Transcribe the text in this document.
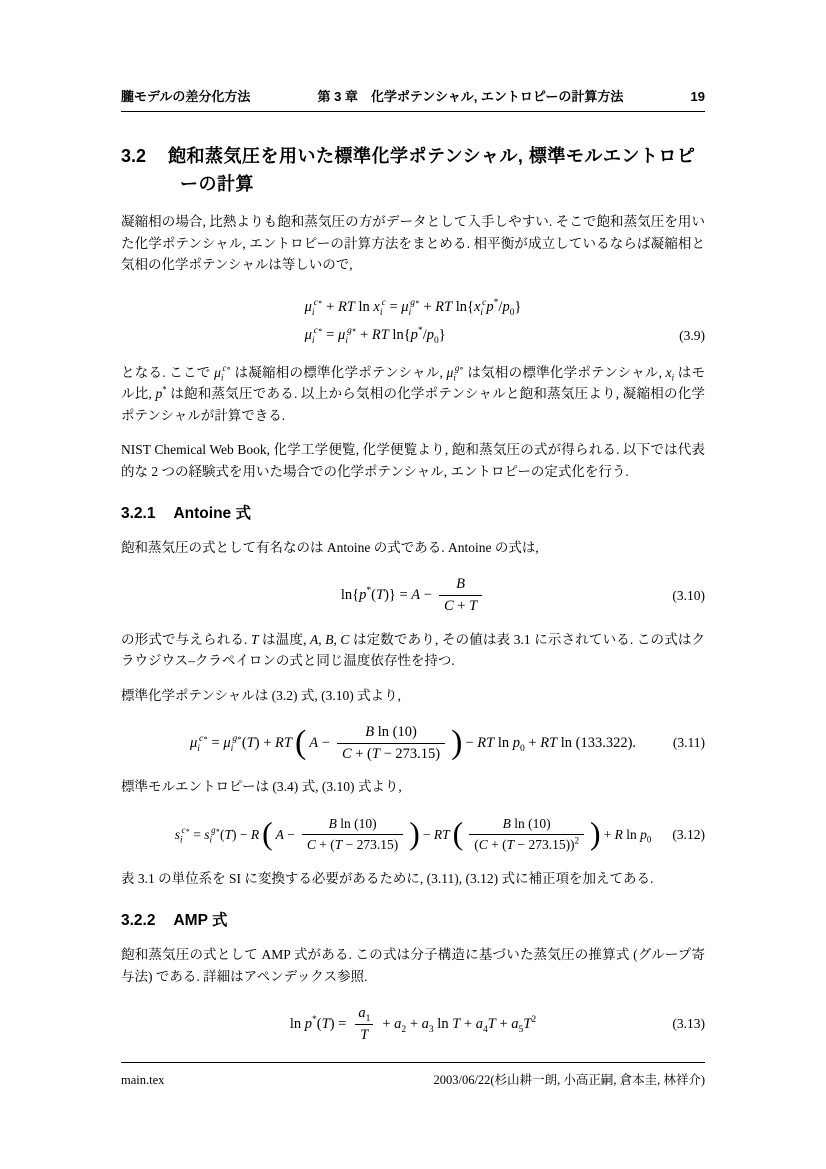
朧モデルの差分化方法	第 3 章　化学ポテンシャル, エントロピーの計算方法	19
3.2 飽和蒸気圧を用いた標準化学ポテンシャル, 標準モルエントロピーの計算

凝縮相の場合, 比熱よりも飽和蒸気圧の方がデータとして入手しやすい. そこで飽和蒸気圧を用いた化学ポテンシャル, エントロピーの計算方法をまとめる. 相平衡が成立しているならば凝縮相と気相の化学ポテンシャルは等しいので,

$\mu_i^{c\circ}$ + RT $\ln x_i^c = \mu_i^{g\circ}$ + RT $\ln\{x_i^cp^*/p_0\}$
$\mu_i^{c\circ} = \mu_i^{g\circ}$ + RT $\ln\{p^*/p_0\}$	(3.9)

となる. ここで $\mu_i^{c\circ}$ は凝縮相の標準化学ポテンシャル, $\mu_i^{g\circ}$ は気相の標準化学ポテンシャル, $x_i$ はモル比, p* は飽和蒸気圧である. 以上から気相の化学ポテンシャルと飽和蒸気圧より, 凝縮相の化学ポテンシャルが計算できる.

NIST Chemical Web Book, 化学工学便覧, 化学便覧より, 飽和蒸気圧の式が得られる. 以下では代表的な 2 つの経験式を用いた場合での化学ポテンシャル, エントロピーの定式化を行う.

3.2.1 Antoine 式

飽和蒸気圧の式として有名なのは Antoine の式である. Antoine の式は,

$\ln\{p^*(T)\} = A - \frac{B}{C + T}$	(3.10)

の形式で与えられる. T は温度, A, B, C は定数であり, その値は表 3.1 に示されている. この式はクラウジウス–クラペイロンの式と同じ温度依存性を持つ.

標準化学ポテンシャルは (3.2) 式, (3.10) 式より,

$\mu_i^{c\circ} = \mu_i^{g\circ}(T)$ + RT ( $A - \frac{\text{B ln (10)}}{C + (T - 273.15)}$ ) − RT $\ln p_0$ + RT ln (133.322).	(3.11)

標準モルエントロピーは (3.4) 式, (3.10) 式より,

$s_i^{c\circ} = s_i^{g\circ}(T) - R$ ( $A - \frac{\text{B ln (10)}}{C + (T - 273.15)}$ ) − RT ( $\frac{\text{B ln (10)}}{(C + (T - 273.15))^2}$ ) + R $\ln p_0$ (3.12)

表 3.1 の単位系を SI に変換する必要があるために, (3.11), (3.12) 式に補正項を加えてある.

3.2.2 AMP 式

飽和蒸気圧の式として AMP 式がある. この式は分子構造に基づいた蒸気圧の推算式 (グループ寄与法) である. 詳細はアペンデックス参照.

$\ln p^*(T) = \frac{a_1}{T} + a_2 + a_3$ $\ln T + a_4T + a_5T^2$	(3.13)
main.tex	2003/06/22(杉山耕一朗, 小高正嗣, 倉本圭, 林祥介)
